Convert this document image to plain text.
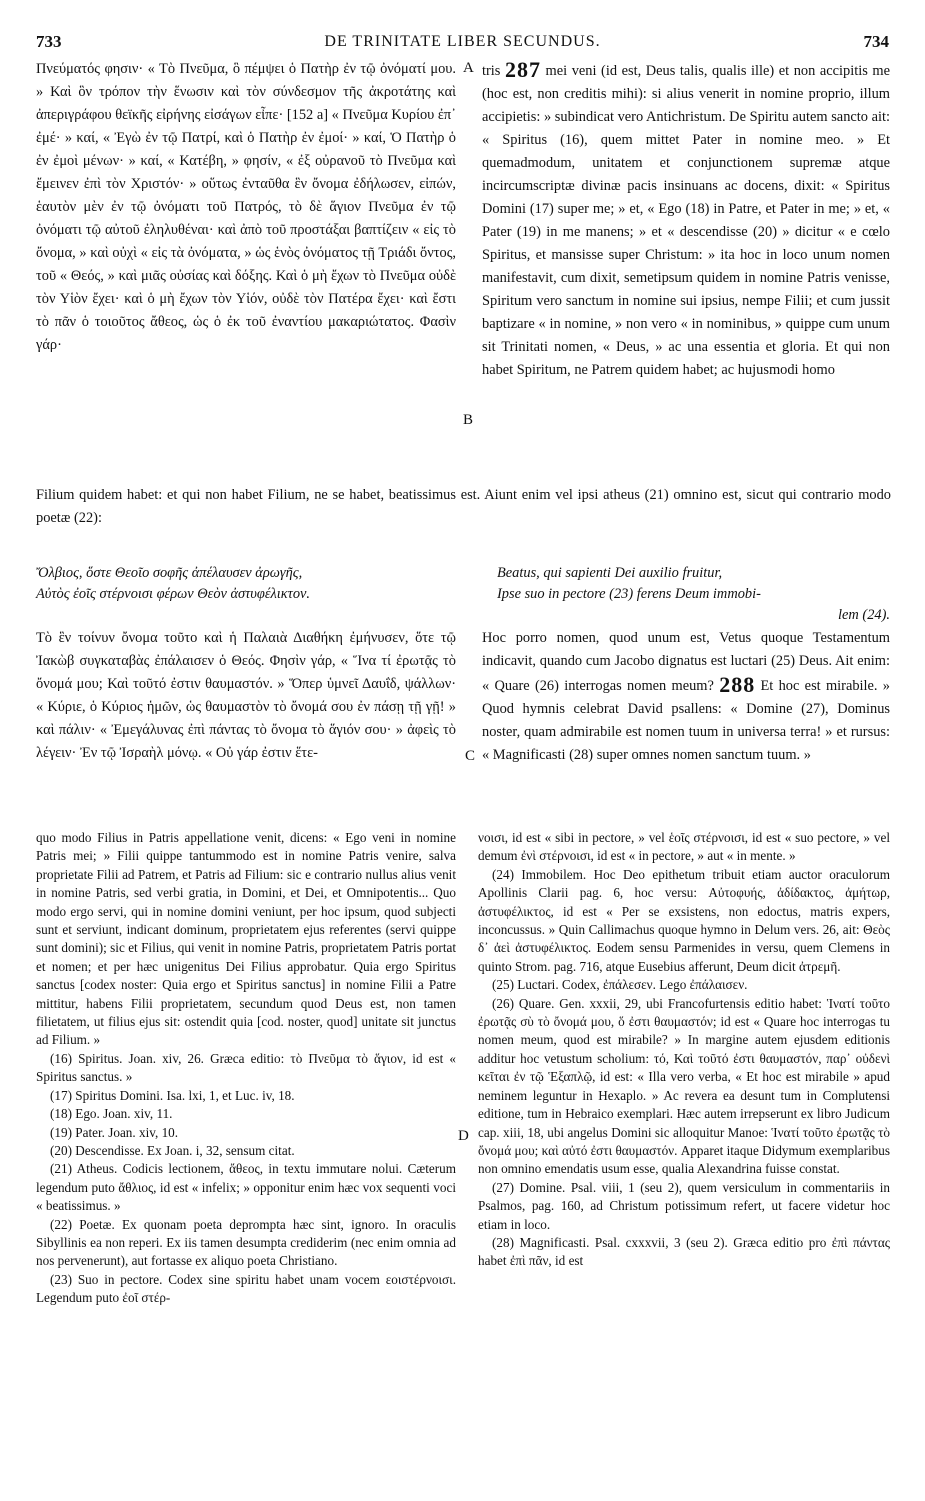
733	DE TRINITATE LIBER SECUNDUS.	734

Πνεύματός φησιν· « Τὸ Πνεῦμα, ὃ πέμψει ὁ Πατὴρ ἐν τῷ ὀνόματί μου. » Καὶ ὃν τρόπον τὴν ἕνωσιν καὶ τὸν σύνδεσμον τῆς ἀκροτάτης καὶ ἀπεριγράφου θεϊκῆς εἰρήνης εἰσάγων εἶπε· [152 a] « Πνεῦμα Κυρίου ἐπ᾽ ἐμέ· » καί, « Ἐγὼ ἐν τῷ Πατρί, καὶ ὁ Πατὴρ ἐν ἐμοί· » καί, Ὁ Πατὴρ ὁ ἐν ἐμοὶ μένων· » καί, « Κατέβη, » φησίν, « ἐξ οὐρανοῦ τὸ Πνεῦμα καὶ ἔμεινεν ἐπὶ τὸν Χριστόν· » οὕτως ἐνταῦθα ἓν ὄνομα ἐδήλωσεν, εἰπών, ἑαυτὸν μὲν ἐν τῷ ὀνόματι τοῦ Πατρός, τὸ δὲ ἅγιον Πνεῦμα ἐν τῷ ὀνόματι τῷ αὐτοῦ ἐληλυθέναι· καὶ ἀπὸ τοῦ προστάξαι βαπτίζειν « εἰς τὸ ὄνομα, » καὶ οὐχὶ « εἰς τὰ ὀνόματα, » ὡς ἑνὸς ὀνόματος τῇ Τριάδι ὄντος, τοῦ « Θεός, » καὶ μιᾶς οὐσίας καὶ δόξης. Καὶ ὁ μὴ ἔχων τὸ Πνεῦμα οὐδὲ τὸν Υἱὸν ἔχει· καὶ ὁ μὴ ἔχων τὸν Υἱόν, οὐδὲ τὸν Πατέρα ἔχει· καὶ ἔστι τὸ πᾶν ὁ τοιοῦτος ἄθεος, ὡς ὁ ἐκ τοῦ ἐναντίου μακαριώτατος. Φασὶν γάρ·

A
B

tris 287 mei veni (id est, Deus talis, qualis ille) et non accipitis me (hoc est, non creditis mihi): si alius venerit in nomine proprio, illum accipietis: » subindicat vero Antichristum. De Spiritu autem sancto ait: « Spiritus (16), quem mittet Pater in nomine meo. » Et quemadmodum, unitatem et conjunctionem supremæ atque incircumscriptæ divinæ pacis insinuans ac docens, dixit: « Spiritus Domini (17) super me; » et, « Ego (18) in Patre, et Pater in me; » et, « Pater (19) in me manens; » et « descendisse (20) » dicitur « e cœlo Spiritus, et mansisse super Christum: » ita hoc in loco unum nomen manifestavit, cum dixit, semetipsum quidem in nomine Patris venisse, Spiritum vero sanctum in nomine sui ipsius, nempe Filii; et cum jussit baptizare « in nomine, » non vero « in nominibus, » quippe cum unum sit Trinitati nomen, « Deus, » ac una essentia et gloria. Et qui non habet Spiritum, ne Patrem quidem habet; ac hujusmodi homo

Filium quidem habet: et qui non habet Filium, ne se habet, beatissimus est. Aiunt enim vel ipsi atheus (21) omnino est, sicut qui contrario modo poetæ (22):
Ὄλβιος, ὅστε Θεοῖο σοφῆς ἀπέλαυσεν ἀρωγῆς,
Αὐτὸς ἐοῖς στέρνοισι φέρων Θεὸν ἀστυφέλικτον.
Beatus, qui sapienti Dei auxilio fruitur,
Ipse suo in pectore (23) ferens Deum immobi-
lem (24).

Τὸ ἓν τοίνυν ὄνομα τοῦτο καὶ ἡ Παλαιὰ Διαθήκη ἐμήνυσεν, ὅτε τῷ Ἰακὼβ συγκαταβὰς ἐπάλαισεν ὁ Θεός. Φησὶν γάρ, « Ἵνα τί ἐρωτᾷς τὸ ὄνομά μου; Καὶ τοῦτό ἐστιν θαυμαστόν. » Ὅπερ ὑμνεῖ Δαυΐδ, ψάλλων· « Κύριε, ὁ Κύριος ἡμῶν, ὡς θαυμαστὸν τὸ ὄνομά σου ἐν πάσῃ τῇ γῇ! » καὶ πάλιν· « Ἐμεγάλυνας ἐπὶ πάντας τὸ ὄνομα τὸ ἅγιόν σου· » ἀφεὶς τὸ λέγειν· Ἐν τῷ Ἰσραὴλ μόνῳ. « Οὐ γάρ ἐστιν ἕτε-	C

Hoc porro nomen, quod unum est, Vetus quoque Testamentum indicavit, quando cum Jacobo dignatus est luctari (25) Deus. Ait enim: « Quare (26) interrogas nomen meum? 288 Et hoc est mirabile. » Quod hymnis celebrat David psallens: « Domine (27), Dominus noster, quam admirabile est nomen tuum in universa terra! » et rursus: « Magnificasti (28) super omnes nomen sanctum tuum. »

quo modo Filius in Patris appellatione venit, dicens: « Ego veni in nomine Patris mei; » Filii quippe tantummodo est in nomine Patris venire, salva proprietate Filii ad Patrem, et Patris ad Filium: sic e contrario nullus alius venit in nomine Patris, sed verbi gratia, in Domini, et Dei, et Omnipotentis... Quo modo ergo servi, qui in nomine domini veniunt, per hoc ipsum, quod subjecti sunt et serviunt, indicant dominum, proprietatem ejus referentes (servi quippe sunt domini); sic et Filius, qui venit in nomine Patris, proprietatem Patris portat et nomen; et per hæc unigenitus Dei Filius approbatur. Quia ergo Spiritus sanctus [codex noster: Quia ergo et Spiritus sanctus] in nomine Filii a Patre mittitur, habens Filii proprietatem, secundum quod Deus est, non tamen filietatem, ut filius ejus sit: ostendit quia [cod. noster, quod] unitate sit junctus ad Filium. »

(16) Spiritus. Joan. xiv, 26. Græca editio: τὸ Πνεῦμα τὸ ἅγιον, id est « Spiritus sanctus. »

(17) Spiritus Domini. Isa. lxi, 1, et Luc. iv, 18.

(18) Ego. Joan. xiv, 11.

(19) Pater. Joan. xiv, 10.

(20) Descendisse. Ex Joan. i, 32, sensum citat.

(21) Atheus. Codicis lectionem, ἄθεος, in textu immutare nolui. Cæterum legendum puto ἄθλιος, id est « infelix; » opponitur enim hæc vox sequenti voci « beatissimus. »

(22) Poetæ. Ex quonam poeta deprompta hæc sint, ignoro. In oraculis Sibyllinis ea non reperi. Ex iis tamen desumpta crediderim (nec enim omnia ad nos pervenerunt), aut fortasse ex aliquo poeta Christiano.

(23) Suo in pectore. Codex sine spiritu habet unam vocem εοιστέρνοισι. Legendum puto ἐοῖ στέρ-

D

νοισι, id est « sibi in pectore, » vel ἑοῖς στέρνοισι, id est « suo pectore, » vel demum ἐνὶ στέρνοισι, id est « in pectore, » aut « in mente. »

(24) Immobilem. Hoc Deo epithetum tribuit etiam auctor oraculorum Apollinis Clarii pag. 6, hoc versu: Αὐτοφυής, ἀδίδακτος, ἀμήτωρ, ἀστυφέλικτος, id est « Per se exsistens, non edoctus, matris expers, inconcussus. » Quin Callimachus quoque hymno in Delum vers. 26, ait: Θεὸς δ᾽ ἀεὶ ἀστυφέλικτος. Eodem sensu Parmenides in versu, quem Clemens in quinto Strom. pag. 716, atque Eusebius afferunt, Deum dicit ἀτρεμῆ.

(25) Luctari. Codex, ἐπάλεσεν. Lego ἐπάλαισεν.

(26) Quare. Gen. xxxii, 29, ubi Francofurtensis editio habet: Ἱνατί τοῦτο ἐρωτᾷς σὺ τὸ ὄνομά μου, ὅ ἐστι θαυμαστόν; id est « Quare hoc interrogas tu nomen meum, quod est mirabile? » In margine autem ejusdem editionis additur hoc vetustum scholium: τό, Καὶ τοῦτό ἐστι θαυμαστόν, παρ᾽ οὐδενὶ κεῖται ἐν τῷ Ἑξαπλῷ, id est: « Illa vero verba, « Et hoc est mirabile » apud neminem leguntur in Hexaplo. » Ac revera ea desunt tum in Complutensi editione, tum in Hebraico exemplari. Hæc autem irrepserunt ex libro Judicum cap. xiii, 18, ubi angelus Domini sic alloquitur Manoe: Ἱνατί τοῦτο ἐρωτᾷς τὸ ὄνομά μου; καὶ αὐτό ἐστι θαυμαστόν. Apparet itaque Didymum exemplaribus non omnino emendatis usum esse, qualia Alexandrina fuisse constat.

(27) Domine. Psal. viii, 1 (seu 2), quem versiculum in commentariis in Psalmos, pag. 160, ad Christum potissimum refert, ut facere videtur hoc etiam in loco.

(28) Magnificasti. Psal. cxxxvii, 3 (seu 2). Græca editio pro ἐπὶ πάντας habet ἐπὶ πᾶν, id est
